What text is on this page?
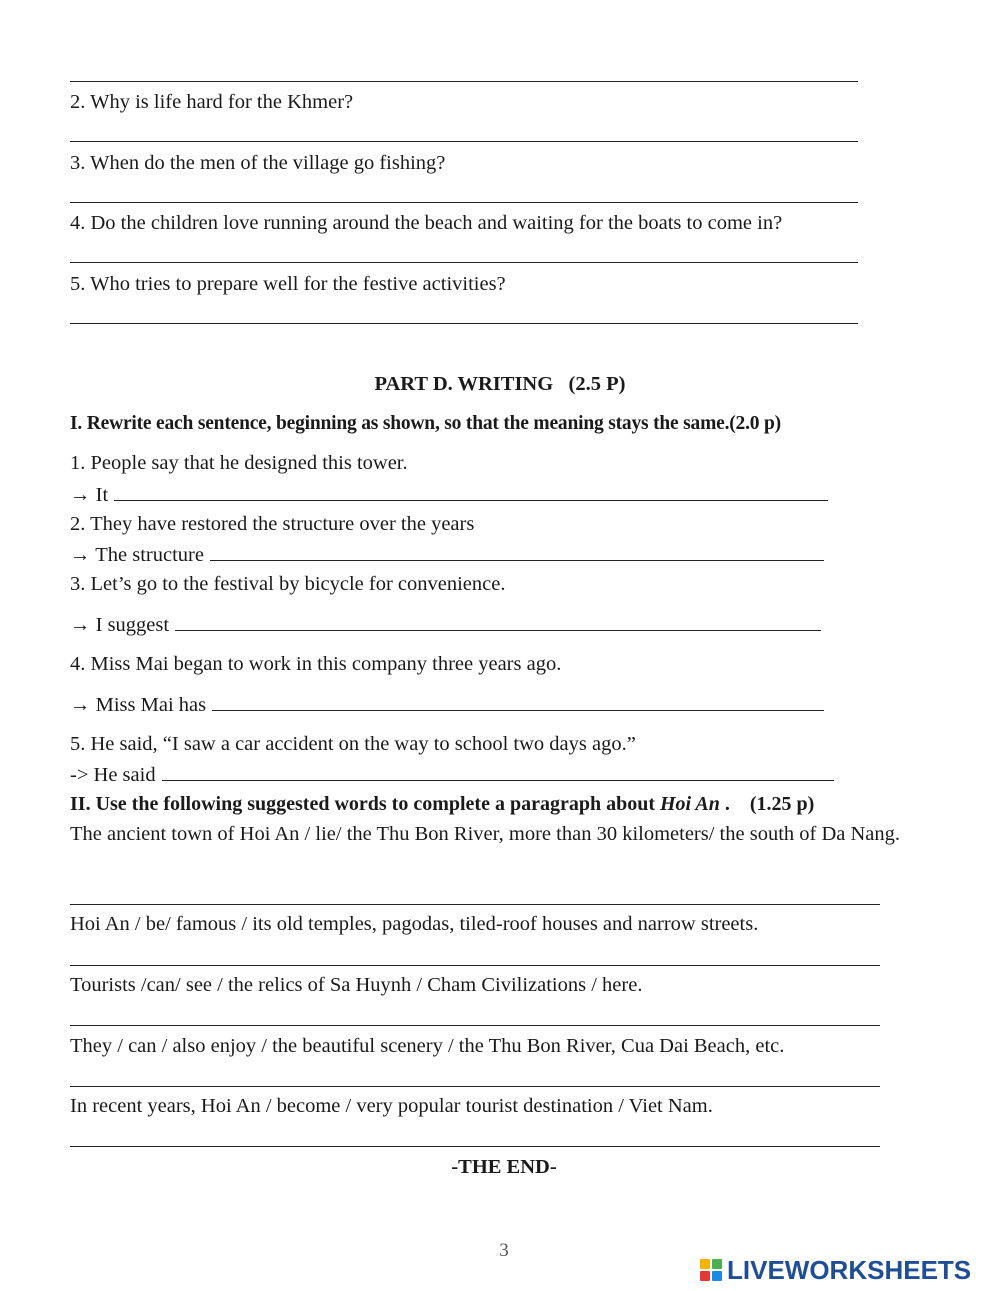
2. Why is life hard for the Khmer?
3. When do the men of the village go fishing?
4. Do the children love running around the beach and waiting for the boats to come in?
5. Who tries to prepare well for the festive activities?
PART D. WRITING   (2.5 P)
I. Rewrite each sentence, beginning as shown, so that the meaning stays the same.(2.0 p)
1. People say that he designed this tower.
→ It
2. They have restored the structure over the years
→ The structure
3. Let’s go to the festival by bicycle for convenience.
→ I suggest
4. Miss Mai began to work in this company three years ago.
→ Miss Mai has
5. He said, “I saw a car accident on the way to school two days ago.”
-> He said
II. Use the following suggested words to complete a paragraph about Hoi An .    (1.25 p)
The ancient town of Hoi An / lie/ the Thu Bon River, more than 30 kilometers/ the south of Da Nang.
Hoi An / be/ famous / its old temples, pagodas, tiled-roof houses and narrow streets.
Tourists /can/ see / the relics of Sa Huynh / Cham Civilizations / here.
They / can / also enjoy / the beautiful scenery / the Thu Bon River, Cua Dai Beach, etc.
In recent years, Hoi An / become / very popular tourist destination / Viet Nam.
-THE END-
3
LIVEWORKSHEETS
